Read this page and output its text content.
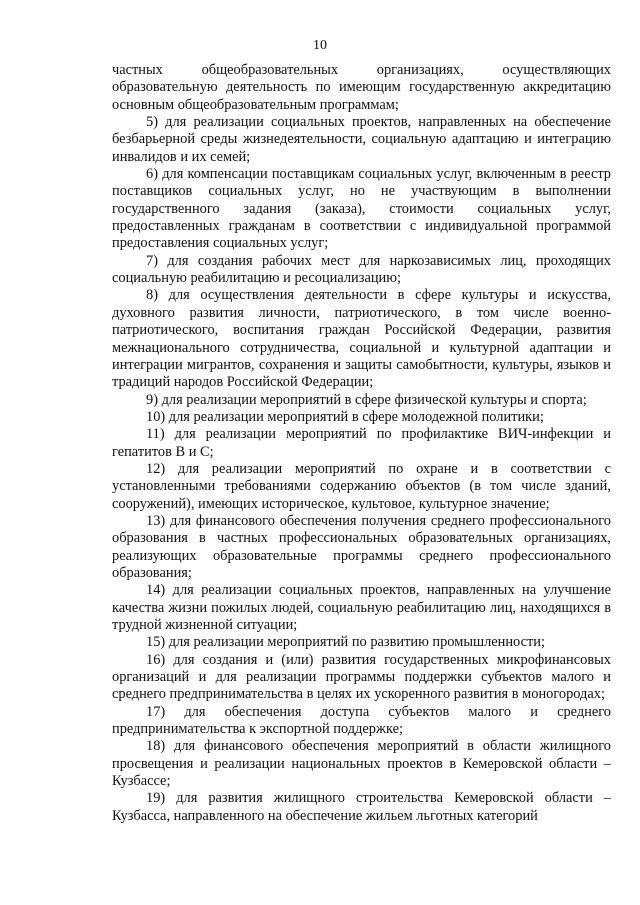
10

частных общеобразовательных организациях, осуществляющих образовательную деятельность по имеющим государственную аккредитацию основным общеобразовательным программам;

5) для реализации социальных проектов, направленных на обеспечение безбарьерной среды жизнедеятельности, социальную адаптацию и интеграцию инвалидов и их семей;

6) для компенсации поставщикам социальных услуг, включенным в реестр поставщиков социальных услуг, но не участвующим в выполнении государственного задания (заказа), стоимости социальных услуг, предоставленных гражданам в соответствии с индивидуальной программой предоставления социальных услуг;

7) для создания рабочих мест для наркозависимых лиц, проходящих социальную реабилитацию и ресоциализацию;

8) для осуществления деятельности в сфере культуры и искусства, духовного развития личности, патриотического, в том числе военно-патриотического, воспитания граждан Российской Федерации, развития межнационального сотрудничества, социальной и культурной адаптации и интеграции мигрантов, сохранения и защиты самобытности, культуры, языков и традиций народов Российской Федерации;

9) для реализации мероприятий в сфере физической культуры и спорта;

10) для реализации мероприятий в сфере молодежной политики;

11) для реализации мероприятий по профилактике ВИЧ-инфекции и гепатитов В и С;

12) для реализации мероприятий по охране и в соответствии с установленными требованиями содержанию объектов (в том числе зданий, сооружений), имеющих историческое, культовое, культурное значение;

13) для финансового обеспечения получения среднего профессионального образования в частных профессиональных образовательных организациях, реализующих образовательные программы среднего профессионального образования;

14) для реализации социальных проектов, направленных на улучшение качества жизни пожилых людей, социальную реабилитацию лиц, находящихся в трудной жизненной ситуации;

15) для реализации мероприятий по развитию промышленности;

16) для создания и (или) развития государственных микрофинансовых организаций и для реализации программы поддержки субъектов малого и среднего предпринимательства в целях их ускоренного развития в моногородах;

17) для обеспечения доступа субъектов малого и среднего предпринимательства к экспортной поддержке;

18) для финансового обеспечения мероприятий в области жилищного просвещения и реализации национальных проектов в Кемеровской области – Кузбассе;

19) для развития жилищного строительства Кемеровской области – Кузбасса, направленного на обеспечение жильем льготных категорий
